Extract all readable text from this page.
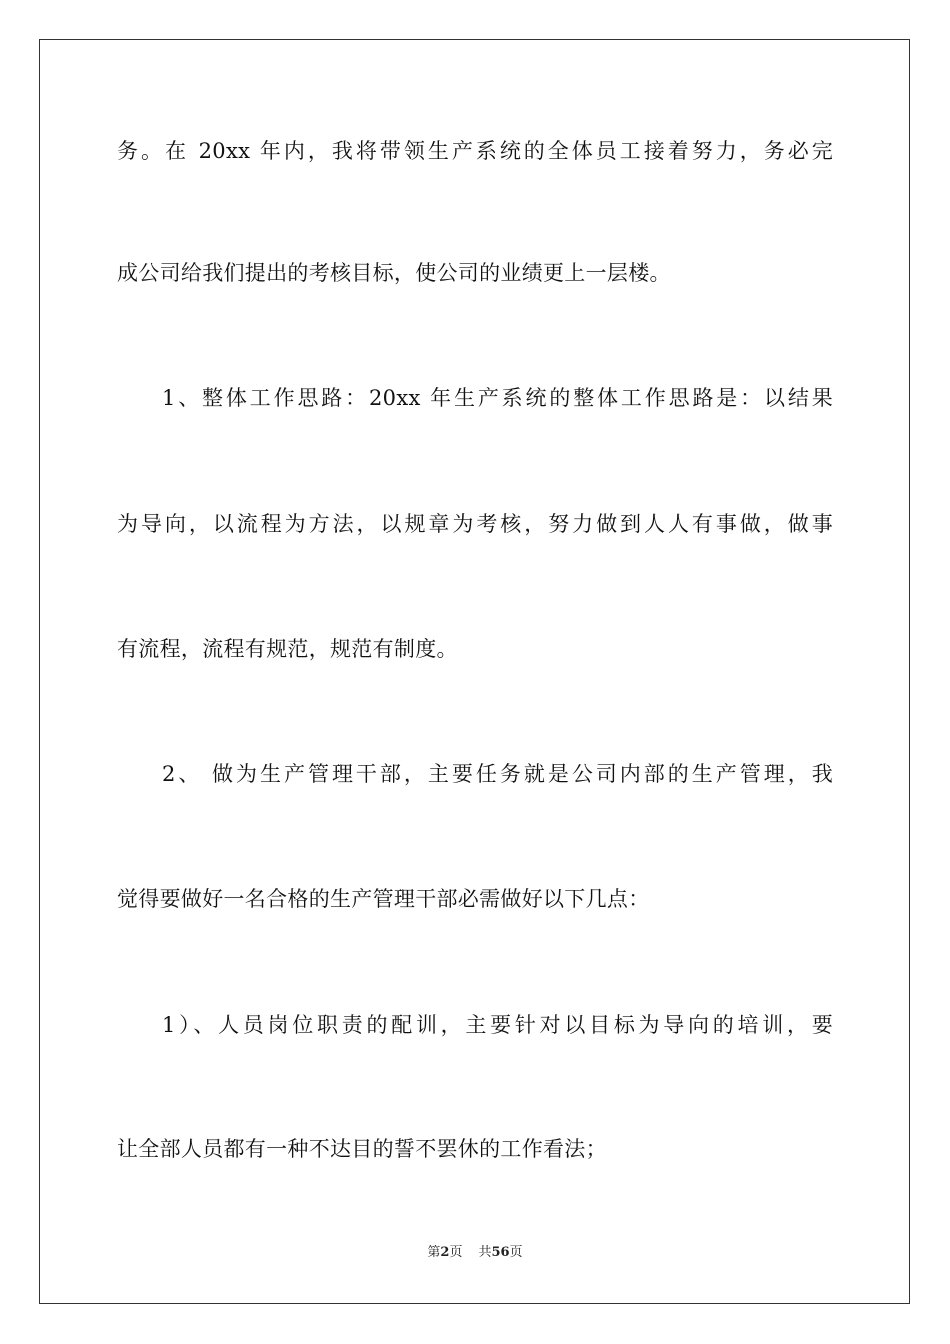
务。在 20xx 年内，我将带领生产系统的全体员工接着努力，务必完
成公司给我们提出的考核目标，使公司的业绩更上一层楼。
1、整体工作思路：20xx 年生产系统的整体工作思路是：以结果
为导向，以流程为方法，以规章为考核，努力做到人人有事做，做事
有流程，流程有规范，规范有制度。
2、 做为生产管理干部，主要任务就是公司内部的生产管理，我
觉得要做好一名合格的生产管理干部必需做好以下几点：
1）、人员岗位职责的配训，主要针对以目标为导向的培训，要
让全部人员都有一种不达目的誓不罢休的工作看法；
第2页 共56页
